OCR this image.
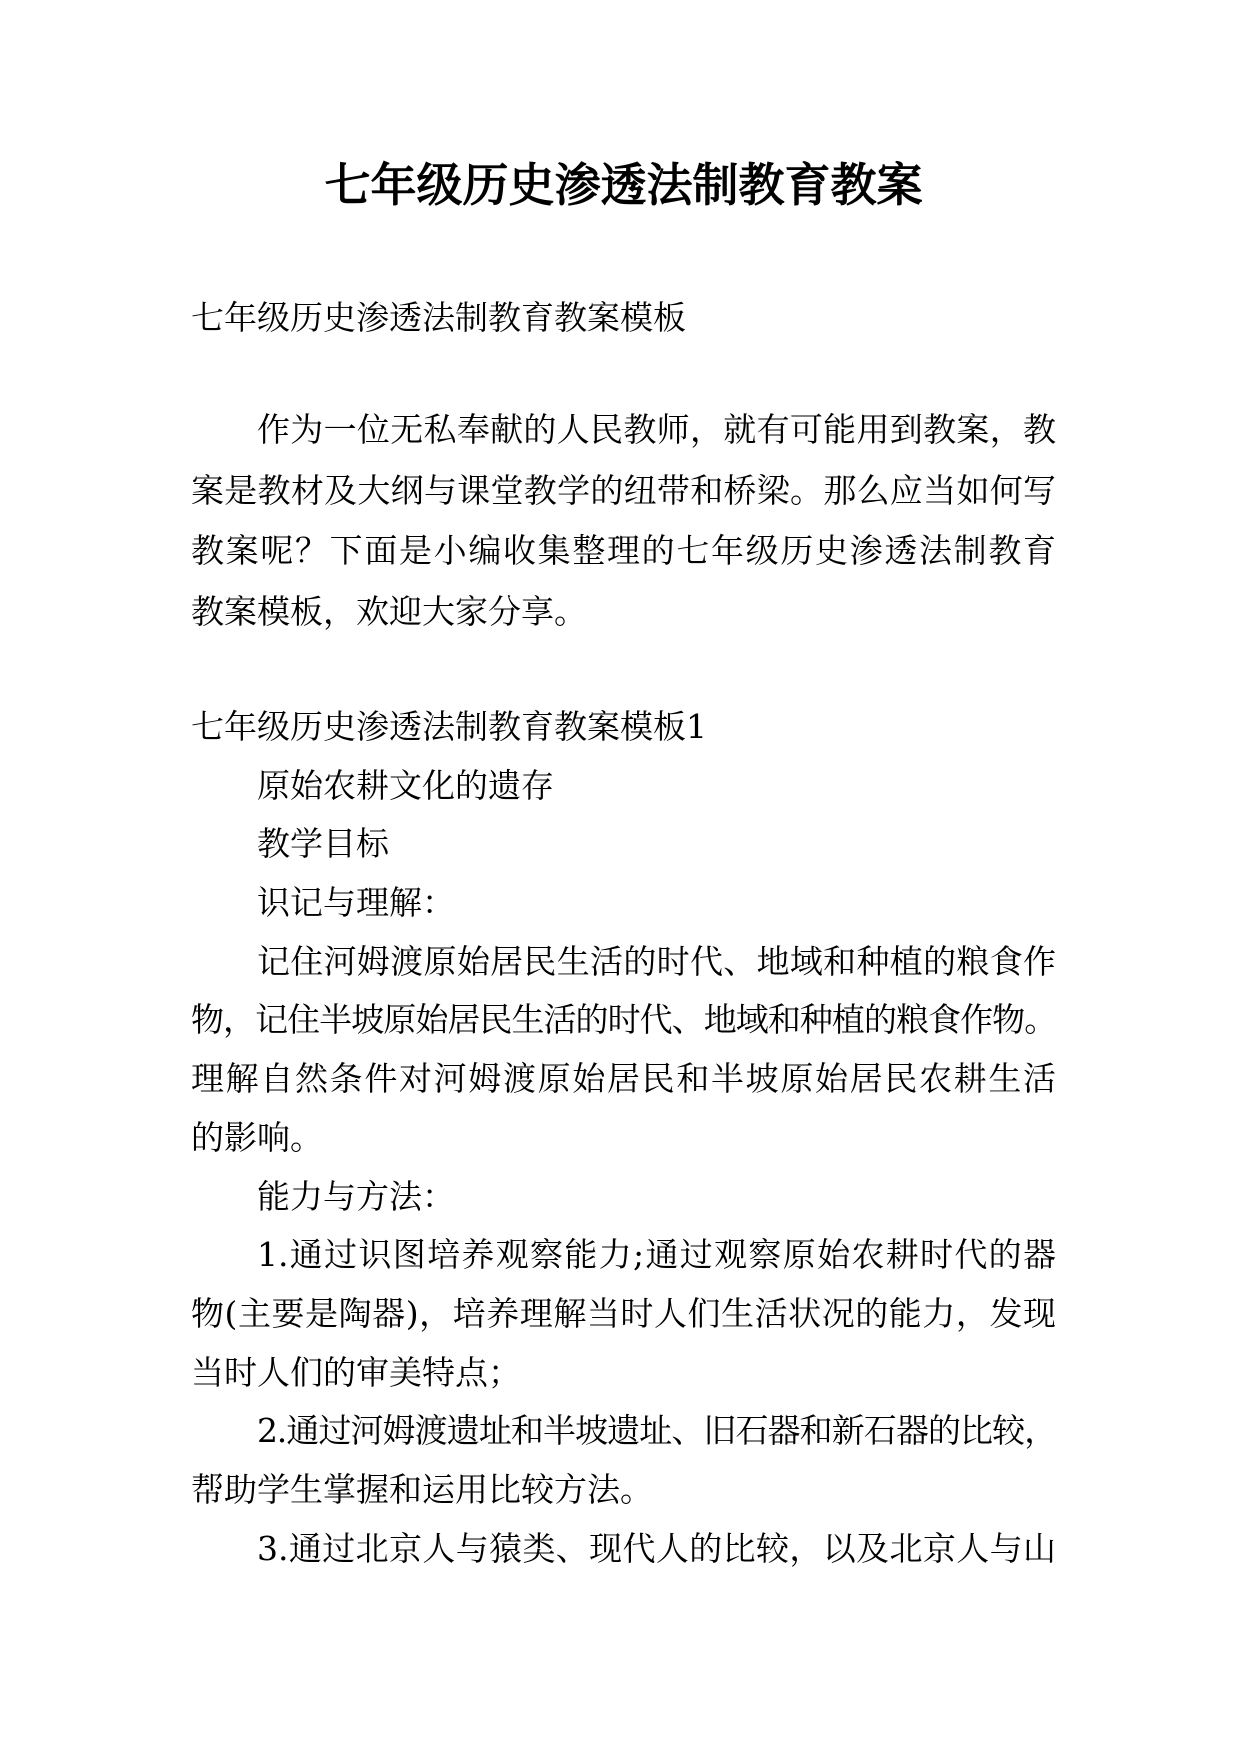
七年级历史渗透法制教育教案
七年级历史渗透法制教育教案模板
作为一位无私奉献的人民教师，就有可能用到教案，教
案是教材及大纲与课堂教学的纽带和桥梁。那么应当如何写
教案呢？下面是小编收集整理的七年级历史渗透法制教育
教案模板，欢迎大家分享。
七年级历史渗透法制教育教案模板1
原始农耕文化的遗存
教学目标
识记与理解：
记住河姆渡原始居民生活的时代、地域和种植的粮食作
物，记住半坡原始居民生活的时代、地域和种植的粮食作物。
理解自然条件对河姆渡原始居民和半坡原始居民农耕生活
的影响。
能力与方法：
1.通过识图培养观察能力;通过观察原始农耕时代的器
物(主要是陶器)，培养理解当时人们生活状况的能力，发现
当时人们的审美特点；
2.通过河姆渡遗址和半坡遗址、旧石器和新石器的比较，
帮助学生掌握和运用比较方法。
3.通过北京人与猿类、现代人的比较，以及北京人与山
